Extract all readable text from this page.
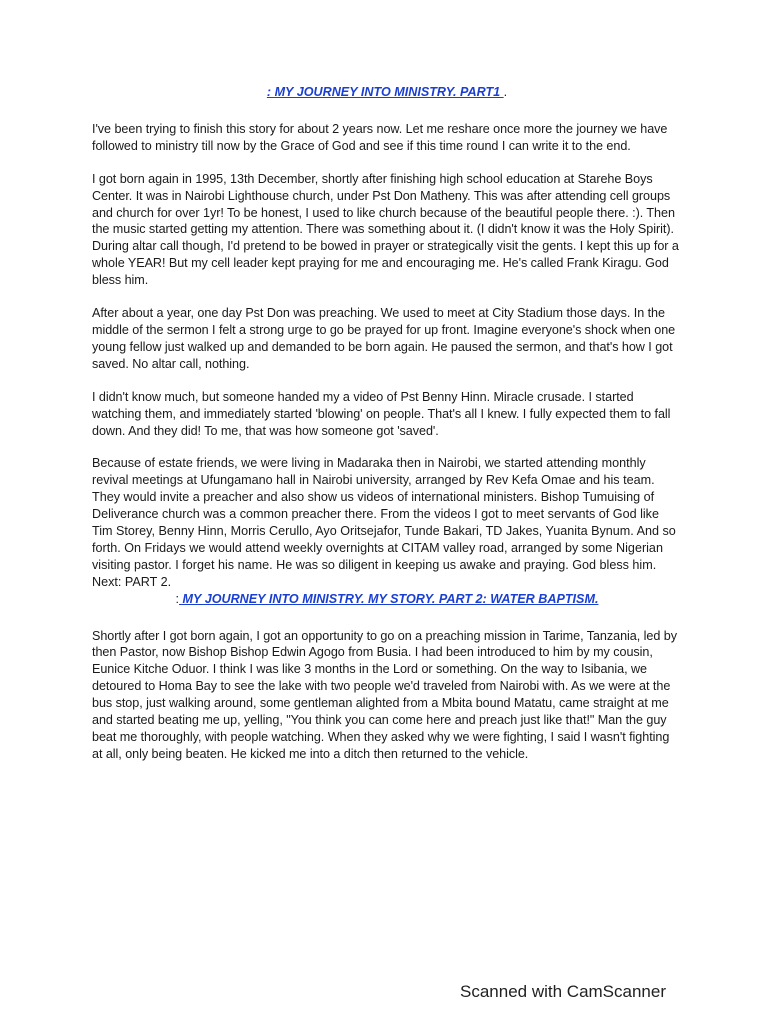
: MY JOURNEY INTO MINISTRY. PART1 .

I've been trying to finish this story for about 2 years now. Let me reshare once more the journey we have followed to ministry till now by the Grace of God and see if this time round I can write it to the end.

I got born again in 1995, 13th December, shortly after finishing high school education at Starehe Boys Center. It was in Nairobi Lighthouse church, under Pst Don Matheny. This was after attending cell groups and church for over 1yr! To be honest, I used to like church because of the beautiful people there. :). Then the music started getting my attention. There was something about it. (I didn't know it was the Holy Spirit). During altar call though, I'd pretend to be bowed in prayer or strategically visit the gents. I kept this up for a whole YEAR! But my cell leader kept praying for me and encouraging me. He's called Frank Kiragu. God bless him.

After about a year, one day Pst Don was preaching. We used to meet at City Stadium those days. In the middle of the sermon I felt a strong urge to go be prayed for up front. Imagine everyone's shock when one young fellow just walked up and demanded to be born again. He paused the sermon, and that's how I got saved. No altar call, nothing.

I didn't know much, but someone handed my a video of Pst Benny Hinn. Miracle crusade. I started watching them, and immediately started 'blowing' on people. That's all I knew. I fully expected them to fall down. And they did! To me, that was how someone got 'saved'.

Because of estate friends, we were living in Madaraka then in Nairobi, we started attending monthly revival meetings at Ufungamano hall in Nairobi university, arranged by Rev Kefa Omae and his team. They would invite a preacher and also show us videos of international ministers. Bishop Tumuising of Deliverance church was a common preacher there. From the videos I got to meet servants of God like Tim Storey, Benny Hinn, Morris Cerullo, Ayo Oritsejafor, Tunde Bakari, TD Jakes, Yuanita Bynum. And so forth. On Fridays we would attend weekly overnights at CITAM valley road, arranged by some Nigerian visiting pastor. I forget his name. He was so diligent in keeping us awake and praying. God bless him. Next: PART 2.

: MY JOURNEY INTO MINISTRY. MY STORY. PART 2: WATER BAPTISM.

Shortly after I got born again, I got an opportunity to go on a preaching mission in Tarime, Tanzania, led by then Pastor, now Bishop Bishop Edwin Agogo from Busia. I had been introduced to him by my cousin, Eunice Kitche Oduor. I think I was like 3 months in the Lord or something. On the way to Isibania, we detoured to Homa Bay to see the lake with two people we'd traveled from Nairobi with. As we were at the bus stop, just walking around, some gentleman alighted from a Mbita bound Matatu, came straight at me and started beating me up, yelling, "You think you can come here and preach just like that!" Man the guy beat me thoroughly, with people watching. When they asked why we were fighting, I said I wasn't fighting at all, only being beaten. He kicked me into a ditch then returned to the vehicle.

Scanned with CamScanner
